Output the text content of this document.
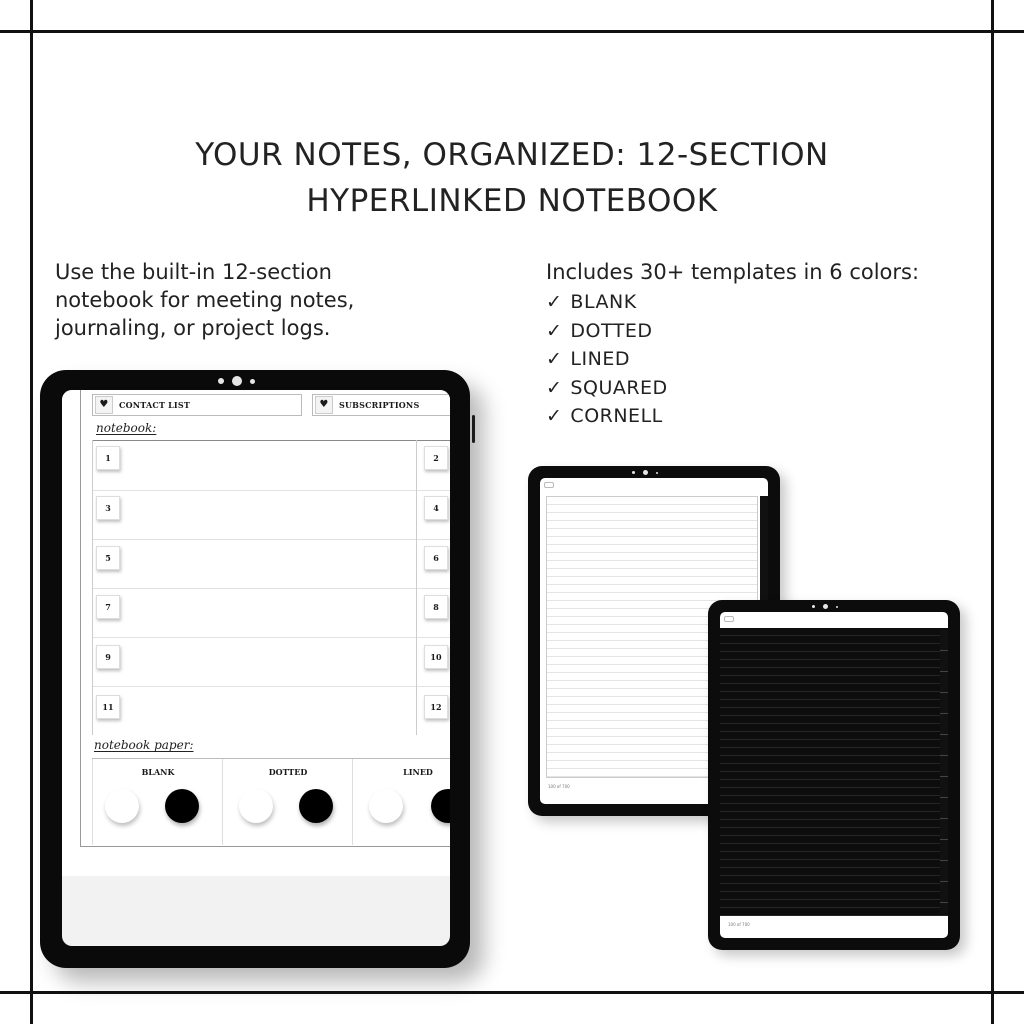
YOUR NOTES, ORGANIZED: 12-SECTION
HYPERLINKED NOTEBOOK
Use the built-in 12-section
notebook for meeting notes,
journaling, or project logs.
Includes 30+ templates in 6 colors:
✓ BLANK
✓ DOTTED
✓ LINED
✓ SQUARED
✓ CORNELL
♥	CONTACT LIST	♥	SUBSCRIPTIONS
notebook:
1	2
3	4
5	6
7	8
9	10
11	12
notebook paper:
BLANK	DOTTED	LINED
100 of 700
100 of 700
